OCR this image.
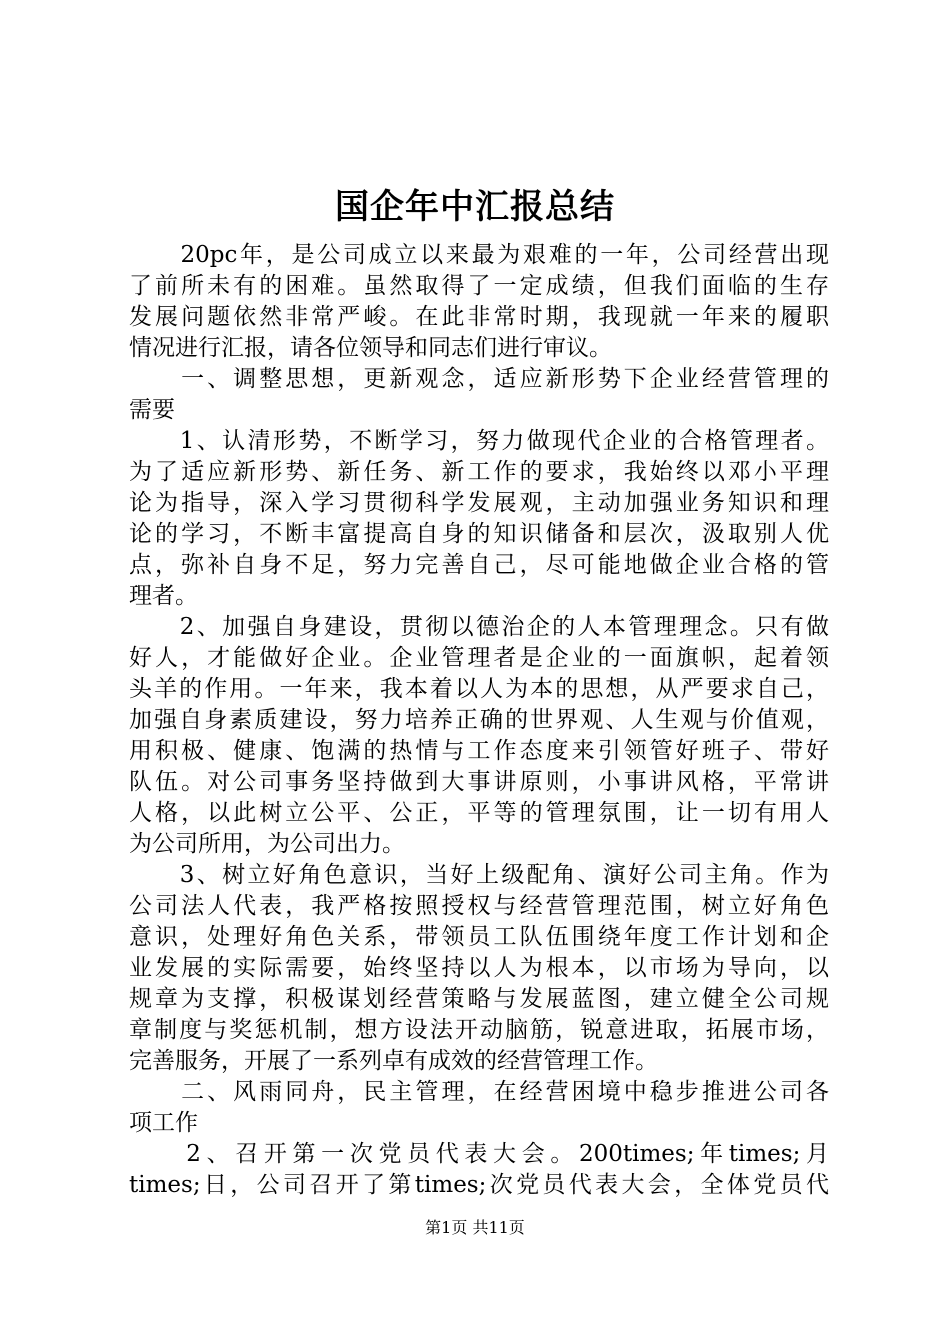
国企年中汇报总结
　　20pc年，是公司成立以来最为艰难的一年，公司经营出现
了前所未有的困难。虽然取得了一定成绩，但我们面临的生存
发展问题依然非常严峻。在此非常时期，我现就一年来的履职
情况进行汇报，请各位领导和同志们进行审议。
　　一、调整思想，更新观念，适应新形势下企业经营管理的
需要
　　1、认清形势，不断学习，努力做现代企业的合格管理者。
为了适应新形势、新任务、新工作的要求，我始终以邓小平理
论为指导，深入学习贯彻科学发展观，主动加强业务知识和理
论的学习，不断丰富提高自身的知识储备和层次，汲取别人优
点，弥补自身不足，努力完善自己，尽可能地做企业合格的管
理者。
　　2、加强自身建设，贯彻以德治企的人本管理理念。只有做
好人，才能做好企业。企业管理者是企业的一面旗帜，起着领
头羊的作用。一年来，我本着以人为本的思想，从严要求自己，
加强自身素质建设，努力培养正确的世界观、人生观与价值观，
用积极、健康、饱满的热情与工作态度来引领管好班子、带好
队伍。对公司事务坚持做到大事讲原则，小事讲风格，平常讲
人格，以此树立公平、公正，平等的管理氛围，让一切有用人
为公司所用，为公司出力。
　　3、树立好角色意识，当好上级配角、演好公司主角。作为
公司法人代表，我严格按照授权与经营管理范围，树立好角色
意识，处理好角色关系，带领员工队伍围绕年度工作计划和企
业发展的实际需要，始终坚持以人为根本，以市场为导向，以
规章为支撑，积极谋划经营策略与发展蓝图，建立健全公司规
章制度与奖惩机制，想方设法开动脑筋，锐意进取，拓展市场，
完善服务，开展了一系列卓有成效的经营管理工作。
　　二、风雨同舟，民主管理，在经营困境中稳步推进公司各
项工作
　　2、召开第一次党员代表大会。200times;年times;月
times;日，公司召开了第times;次党员代表大会，全体党员代
第1页 共11页
